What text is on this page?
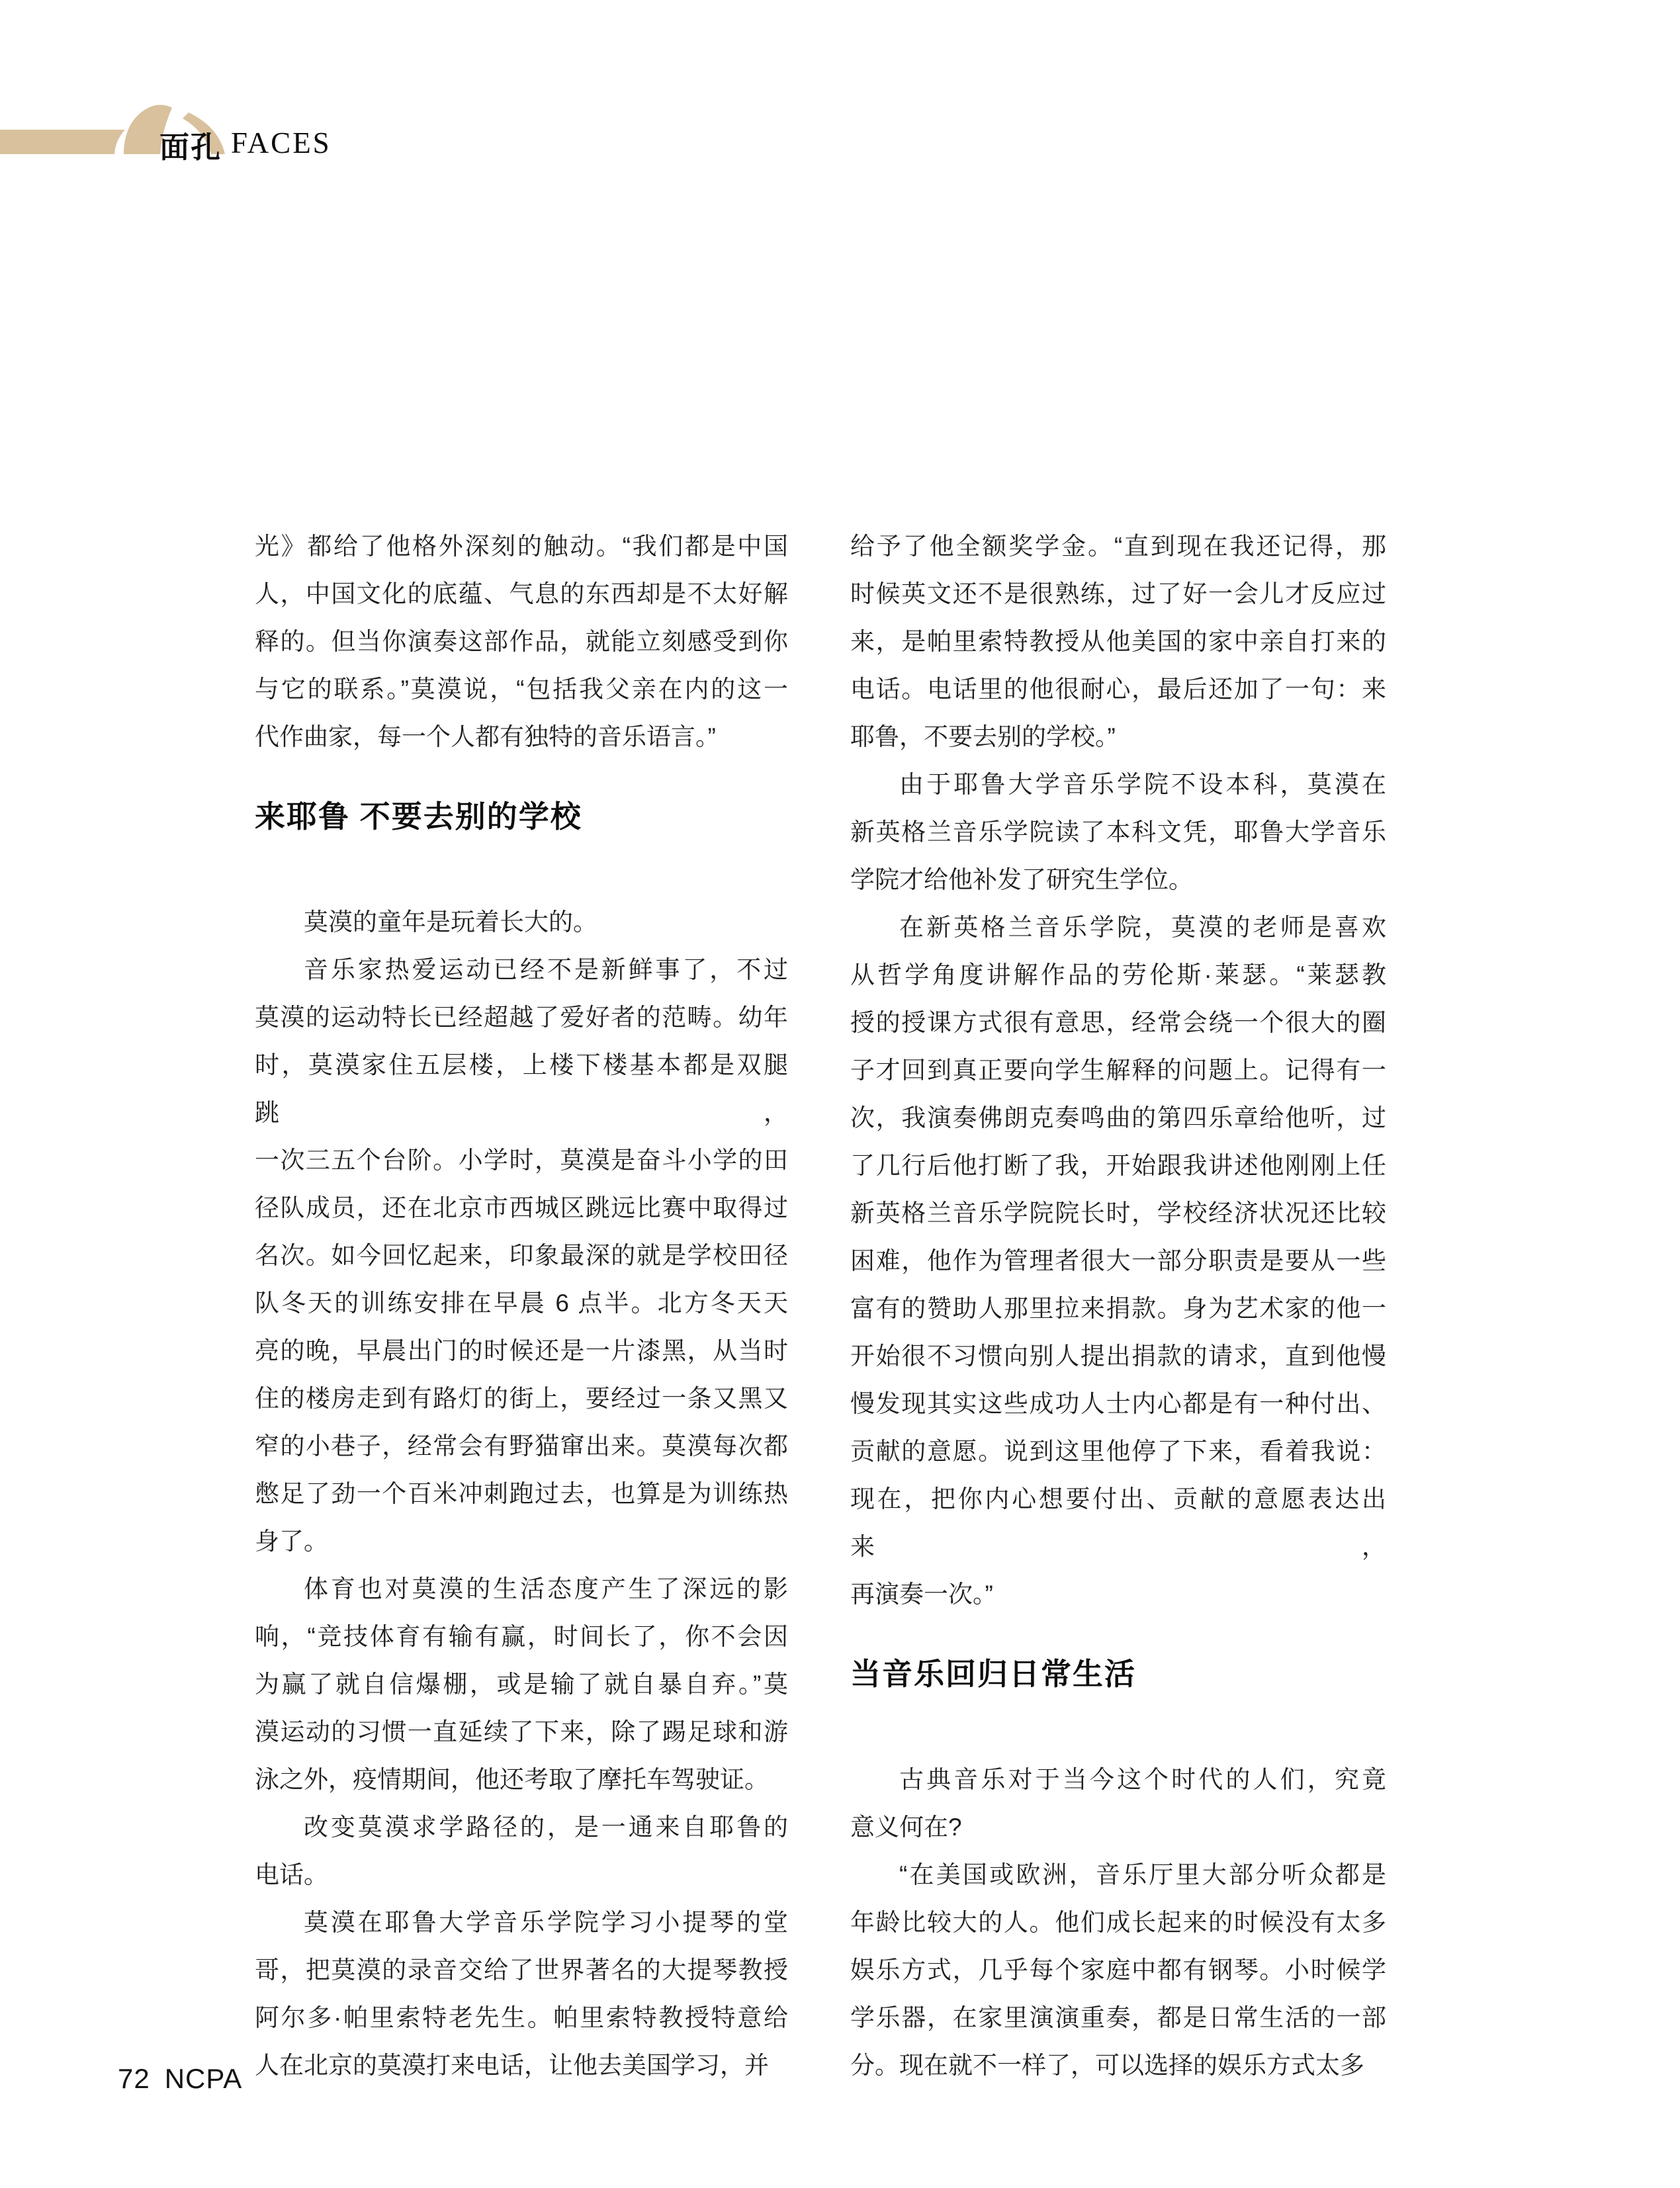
面孔 FACES
光》都给了他格外深刻的触动。“我们都是中国
人，中国文化的底蕴、气息的东西却是不太好解
释的。但当你演奏这部作品，就能立刻感受到你
与它的联系。”莫漠说，“包括我父亲在内的这一
代作曲家，每一个人都有独特的音乐语言。”
来耶鲁 不要去别的学校
莫漠的童年是玩着长大的。
音乐家热爱运动已经不是新鲜事了，不过
莫漠的运动特长已经超越了爱好者的范畴。幼年
时，莫漠家住五层楼，上楼下楼基本都是双腿跳，
一次三五个台阶。小学时，莫漠是奋斗小学的田
径队成员，还在北京市西城区跳远比赛中取得过
名次。如今回忆起来，印象最深的就是学校田径
队冬天的训练安排在早晨 6 点半。北方冬天天
亮的晚，早晨出门的时候还是一片漆黑，从当时
住的楼房走到有路灯的街上，要经过一条又黑又
窄的小巷子，经常会有野猫窜出来。莫漠每次都
憋足了劲一个百米冲刺跑过去，也算是为训练热
身了。
体育也对莫漠的生活态度产生了深远的影
响，“竞技体育有输有赢，时间长了，你不会因
为赢了就自信爆棚，或是输了就自暴自弃。”莫
漠运动的习惯一直延续了下来，除了踢足球和游
泳之外，疫情期间，他还考取了摩托车驾驶证。
改变莫漠求学路径的，是一通来自耶鲁的
电话。
莫漠在耶鲁大学音乐学院学习小提琴的堂
哥，把莫漠的录音交给了世界著名的大提琴教授
阿尔多·帕里索特老先生。帕里索特教授特意给
人在北京的莫漠打来电话，让他去美国学习，并
给予了他全额奖学金。“直到现在我还记得，那
时候英文还不是很熟练，过了好一会儿才反应过
来，是帕里索特教授从他美国的家中亲自打来的
电话。电话里的他很耐心，最后还加了一句：来
耶鲁，不要去别的学校。”
由于耶鲁大学音乐学院不设本科，莫漠在
新英格兰音乐学院读了本科文凭，耶鲁大学音乐
学院才给他补发了研究生学位。
在新英格兰音乐学院，莫漠的老师是喜欢
从哲学角度讲解作品的劳伦斯·莱瑟。“莱瑟教
授的授课方式很有意思，经常会绕一个很大的圈
子才回到真正要向学生解释的问题上。记得有一
次，我演奏佛朗克奏鸣曲的第四乐章给他听，过
了几行后他打断了我，开始跟我讲述他刚刚上任
新英格兰音乐学院院长时，学校经济状况还比较
困难，他作为管理者很大一部分职责是要从一些
富有的赞助人那里拉来捐款。身为艺术家的他一
开始很不习惯向别人提出捐款的请求，直到他慢
慢发现其实这些成功人士内心都是有一种付出、
贡献的意愿。说到这里他停了下来，看着我说：
现在，把你内心想要付出、贡献的意愿表达出来，
再演奏一次。”
当音乐回归日常生活
古典音乐对于当今这个时代的人们，究竟
意义何在?
“在美国或欧洲，音乐厅里大部分听众都是
年龄比较大的人。他们成长起来的时候没有太多
娱乐方式，几乎每个家庭中都有钢琴。小时候学
学乐器，在家里演演重奏，都是日常生活的一部
分。现在就不一样了，可以选择的娱乐方式太多
72 NCPA
